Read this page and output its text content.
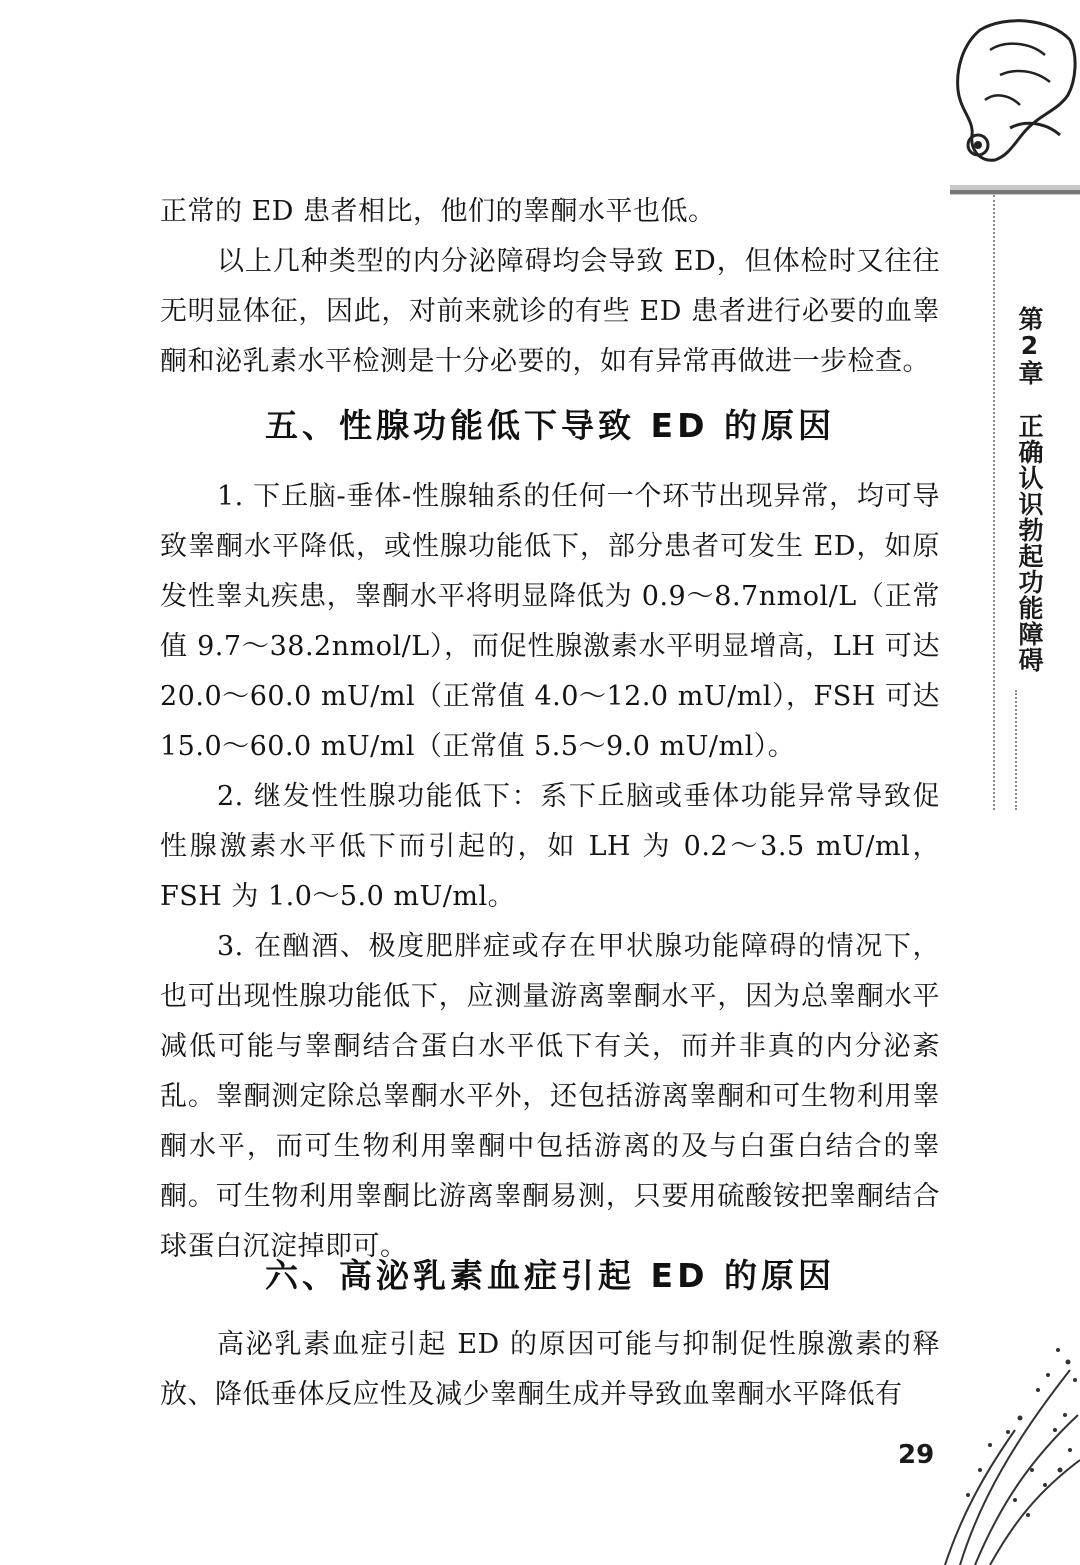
第2章
正确认识勃起功能障碍

正常的 ED 患者相比，他们的睾酮水平也低。

以上几种类型的内分泌障碍均会导致 ED，但体检时又往往无明显体征，因此，对前来就诊的有些 ED 患者进行必要的血睾酮和泌乳素水平检测是十分必要的，如有异常再做进一步检查。

五、性腺功能低下导致 ED 的原因

1. 下丘脑-垂体-性腺轴系的任何一个环节出现异常，均可导致睾酮水平降低，或性腺功能低下，部分患者可发生 ED，如原发性睾丸疾患，睾酮水平将明显降低为 0.9～8.7nmol/L（正常值 9.7～38.2nmol/L），而促性腺激素水平明显增高，LH 可达 20.0～60.0 mU/ml（正常值 4.0～12.0 mU/ml），FSH 可达 15.0～60.0 mU/ml（正常值 5.5～9.0 mU/ml）。

2. 继发性性腺功能低下：系下丘脑或垂体功能异常导致促性腺激素水平低下而引起的，如 LH 为 0.2～3.5 mU/ml，FSH 为 1.0～5.0 mU/ml。

3. 在酗酒、极度肥胖症或存在甲状腺功能障碍的情况下，也可出现性腺功能低下，应测量游离睾酮水平，因为总睾酮水平减低可能与睾酮结合蛋白水平低下有关，而并非真的内分泌紊乱。睾酮测定除总睾酮水平外，还包括游离睾酮和可生物利用睾酮水平，而可生物利用睾酮中包括游离的及与白蛋白结合的睾酮。可生物利用睾酮比游离睾酮易测，只要用硫酸铵把睾酮结合球蛋白沉淀掉即可。

六、高泌乳素血症引起 ED 的原因

高泌乳素血症引起 ED 的原因可能与抑制促性腺激素的释放、降低垂体反应性及减少睾酮生成并导致血睾酮水平降低有

29
